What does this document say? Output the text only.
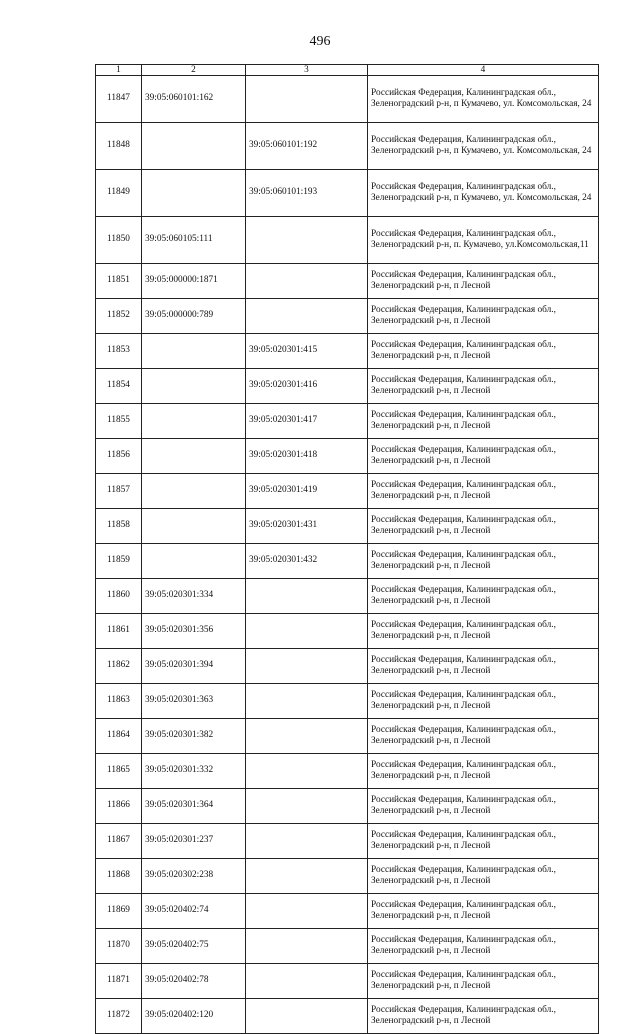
496
1	2	3	4
11847	39:05:060101:162		Российская Федерация, Калининградская обл., Зеленоградский р-н, п Кумачево, ул. Комсомольская, 24
11848		39:05:060101:192	Российская Федерация, Калининградская обл., Зеленоградский р-н, п Кумачево, ул. Комсомольская, 24
11849		39:05:060101:193	Российская Федерация, Калининградская обл., Зеленоградский р-н, п Кумачево, ул. Комсомольская, 24
11850	39:05:060105:111		Российская Федерация, Калининградская обл., Зеленоградский р-н, п. Кумачево, ул.Комсомольская,11
11851	39:05:000000:1871		Российская Федерация, Калининградская обл., Зеленоградский р-н, п Лесной
11852	39:05:000000:789		Российская Федерация, Калининградская обл., Зеленоградский р-н, п Лесной
11853		39:05:020301:415	Российская Федерация, Калининградская обл., Зеленоградский р-н, п Лесной
11854		39:05:020301:416	Российская Федерация, Калининградская обл., Зеленоградский р-н, п Лесной
11855		39:05:020301:417	Российская Федерация, Калининградская обл., Зеленоградский р-н, п Лесной
11856		39:05:020301:418	Российская Федерация, Калининградская обл., Зеленоградский р-н, п Лесной
11857		39:05:020301:419	Российская Федерация, Калининградская обл., Зеленоградский р-н, п Лесной
11858		39:05:020301:431	Российская Федерация, Калининградская обл., Зеленоградский р-н, п Лесной
11859		39:05:020301:432	Российская Федерация, Калининградская обл., Зеленоградский р-н, п Лесной
11860	39:05:020301:334		Российская Федерация, Калининградская обл., Зеленоградский р-н, п Лесной
11861	39:05:020301:356		Российская Федерация, Калининградская обл., Зеленоградский р-н, п Лесной
11862	39:05:020301:394		Российская Федерация, Калининградская обл., Зеленоградский р-н, п Лесной
11863	39:05:020301:363		Российская Федерация, Калининградская обл., Зеленоградский р-н, п Лесной
11864	39:05:020301:382		Российская Федерация, Калининградская обл., Зеленоградский р-н, п Лесной
11865	39:05:020301:332		Российская Федерация, Калининградская обл., Зеленоградский р-н, п Лесной
11866	39:05:020301:364		Российская Федерация, Калининградская обл., Зеленоградский р-н, п Лесной
11867	39:05:020301:237		Российская Федерация, Калининградская обл., Зеленоградский р-н, п Лесной
11868	39:05:020302:238		Российская Федерация, Калининградская обл., Зеленоградский р-н, п Лесной
11869	39:05:020402:74		Российская Федерация, Калининградская обл., Зеленоградский р-н, п Лесной
11870	39:05:020402:75		Российская Федерация, Калининградская обл., Зеленоградский р-н, п Лесной
11871	39:05:020402:78		Российская Федерация, Калининградская обл., Зеленоградский р-н, п Лесной
11872	39:05:020402:120		Российская Федерация, Калининградская обл., Зеленоградский р-н, п Лесной
